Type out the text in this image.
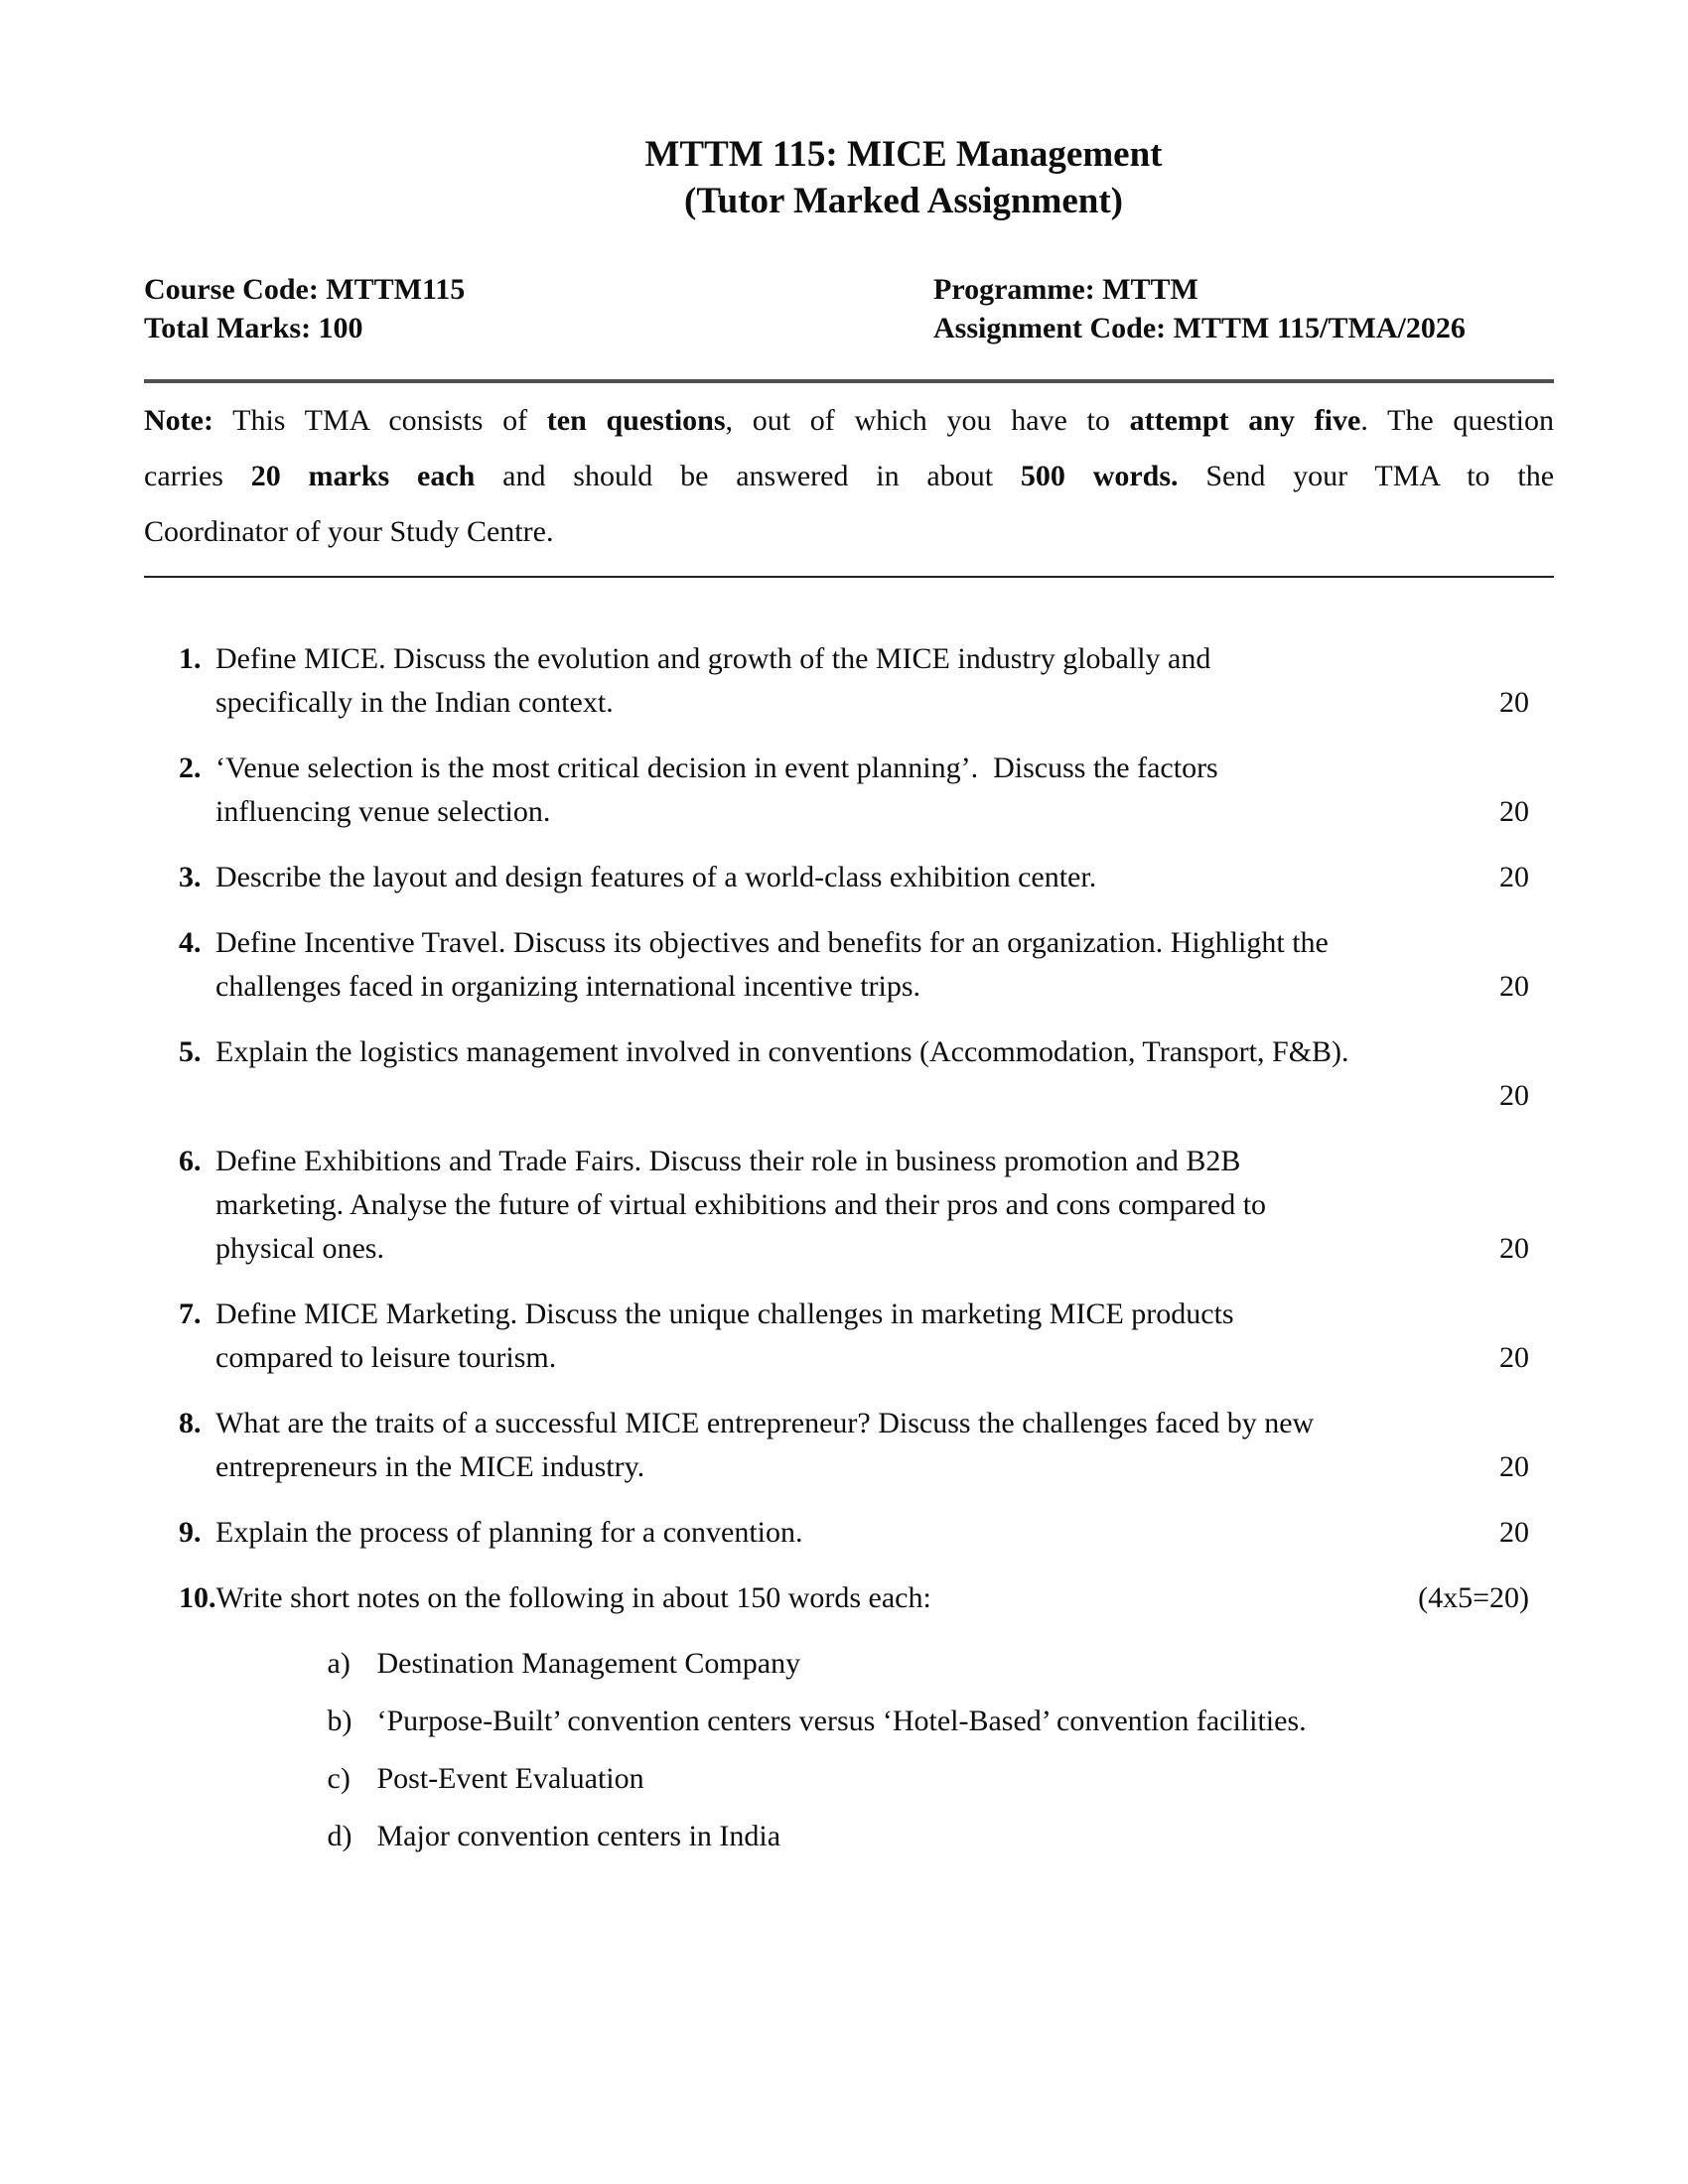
MTTM 115: MICE Management
(Tutor Marked Assignment)
Course Code: MTTM115
Total Marks: 100
Programme: MTTM
Assignment Code: MTTM 115/TMA/2026
Note: This TMA consists of ten questions, out of which you have to attempt any five. The question
carries 20 marks each and should be answered in about 500 words. Send your TMA to the
Coordinator of your Study Centre.
1. Define MICE. Discuss the evolution and growth of the MICE industry globally and
specifically in the Indian context.	20
2. ‘Venue selection is the most critical decision in event planning’.  Discuss the factors
influencing venue selection.	20
3. Describe the layout and design features of a world-class exhibition center.	20
4. Define Incentive Travel. Discuss its objectives and benefits for an organization. Highlight the
challenges faced in organizing international incentive trips.	20
5. Explain the logistics management involved in conventions (Accommodation, Transport, F&B).
20
6. Define Exhibitions and Trade Fairs. Discuss their role in business promotion and B2B
marketing. Analyse the future of virtual exhibitions and their pros and cons compared to
physical ones.	20
7. Define MICE Marketing. Discuss the unique challenges in marketing MICE products
compared to leisure tourism.	20
8. What are the traits of a successful MICE entrepreneur? Discuss the challenges faced by new
entrepreneurs in the MICE industry.	20
9. Explain the process of planning for a convention.	20
10. Write short notes on the following in about 150 words each:	(4x5=20)
a) Destination Management Company
b) ‘Purpose-Built’ convention centers versus ‘Hotel-Based’ convention facilities.
c) Post-Event Evaluation
d) Major convention centers in India
